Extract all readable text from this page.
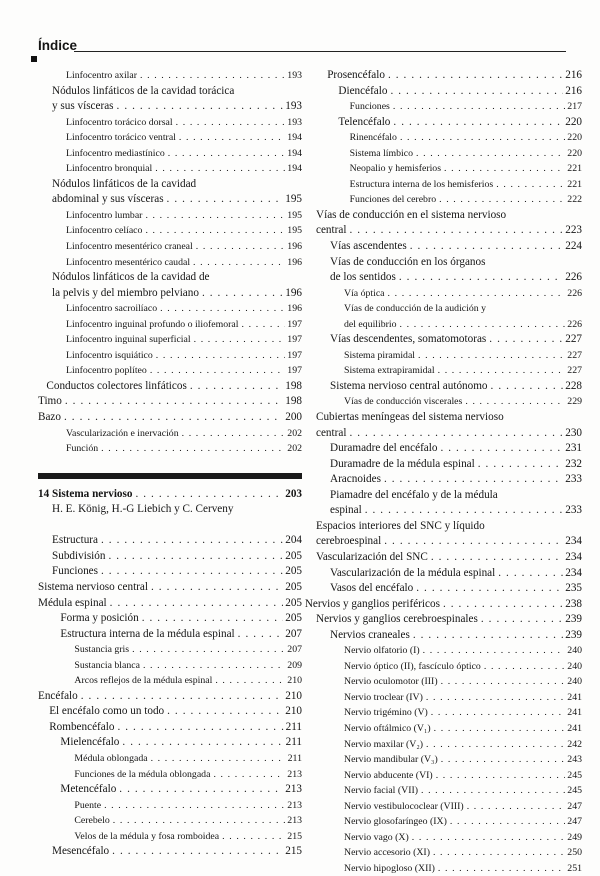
Índice
Linfocentro axilar . . .	193
Nódulos linfáticos de la cavidad torácica
y sus vísceras . . .	193
Linfocentro torácico dorsal . . .	193
Linfocentro torácico ventral . . .	194
Linfocentro mediastínico . . .	194
Linfocentro bronquial . . .	194
Nódulos linfáticos de la cavidad
abdominal y sus vísceras . . .	195
Linfocentro lumbar . . .	195
Linfocentro celíaco . . .	195
Linfocentro mesentérico craneal . . .	196
Linfocentro mesentérico caudal . . .	196
Nódulos linfáticos de la cavidad de
la pelvis y del miembro pelviano . . .	196
Linfocentro sacroilíaco . . .	196
Linfocentro inguinal profundo o iliofemoral . . .	197
Linfocentro inguinal superficial . . .	197
Linfocentro isquiático . . .	197
Linfocentro poplíteo . . .	197
Conductos colectores linfáticos . . .	198
Timo . . .	198
Bazo . . .	200
Vascularización e inervación . . .	202
Función . . .	202
14 Sistema nervioso . . .	203
H. E. König, H.-G Liebich y C. Cerveny
Estructura . . .	204
Subdivisión . . .	205
Funciones . . .	205
Sistema nervioso central . . .	205
Médula espinal . . .	205
Forma y posición . . .	205
Estructura interna de la médula espinal . . .	207
Sustancia gris . . .	207
Sustancia blanca . . .	209
Arcos reflejos de la médula espinal . . .	210
Encéfalo . . .	210
El encéfalo como un todo . . .	210
Rombencéfalo . . .	211
Mielencéfalo . . .	211
Médula oblongada . . .	211
Funciones de la médula oblongada . . .	213
Metencéfalo . . .	213
Puente . . .	213
Cerebelo . . .	213
Velos de la médula y fosa romboidea . . .	215
Mesencéfalo . . .	215
Prosencéfalo . . .	216
Diencéfalo . . .	216
Funciones . . .	217
Telencéfalo . . .	220
Rinencéfalo . . .	220
Sistema límbico . . .	220
Neopalio y hemisferios . . .	221
Estructura interna de los hemisferios . . .	221
Funciones del cerebro . . .	222
Vías de conducción en el sistema nervioso
central . . .	223
Vías ascendentes . . .	224
Vías de conducción en los órganos
de los sentidos . . .	226
Vía óptica . . .	226
Vías de conducción de la audición y
del equilibrio . . .	226
Vías descendentes, somatomotoras . . .	227
Sistema piramidal . . .	227
Sistema extrapiramidal . . .	227
Sistema nervioso central autónomo . . .	228
Vías de conducción viscerales . . .	229
Cubiertas meníngeas del sistema nervioso
central . . .	230
Duramadre del encéfalo . . .	231
Duramadre de la médula espinal . . .	232
Aracnoides . . .	233
Piamadre del encéfalo y de la médula
espinal . . .	233
Espacios interiores del SNC y líquido
cerebroespinal . . .	234
Vascularización del SNC . . .	234
Vascularización de la médula espinal . . .	234
Vasos del encéfalo . . .	235
Nervios y ganglios periféricos . . .	238
Nervios y ganglios cerebroespinales . . .	239
Nervios craneales . . .	239
Nervio olfatorio (I) . . .	240
Nervio óptico (II), fascículo óptico . . .	240
Nervio oculomotor (III) . . .	240
Nervio troclear (IV) . . .	241
Nervio trigémino (V) . . .	241
Nervio oftálmico (V₁) . . .	241
Nervio maxilar (V₂) . . .	242
Nervio mandibular (V₃) . . .	243
Nervio abducente (VI) . . .	245
Nervio facial (VII) . . .	245
Nervio vestibulococlear (VIII) . . .	247
Nervio glosofaríngeo (IX) . . .	247
Nervio vago (X) . . .	249
Nervio accesorio (XI) . . .	250
Nervio hipogloso (XII) . . .	251
